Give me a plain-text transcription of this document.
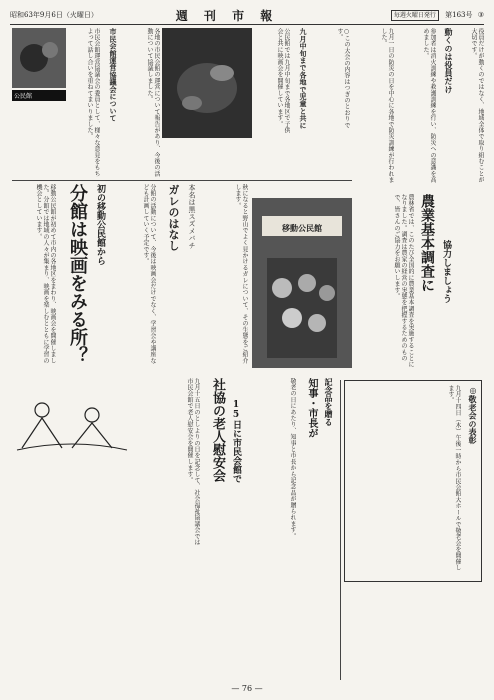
昭和63年9月6日（火曜日）	週 刊 市 報	毎週火曜日発行 第163号 ③
公民館	市民会館運営協議会の委員として、様々な意見をもちよって話し合いを重ねてまいりました。	市民会館運営協議会について	各地の市民会館の運営について報告があり、今後の活動について協議しました。	公民館では九月中旬まで各地区で子供会と共に映画会を開催しています。	九月中旬まで各地で児童と共に	○この大会の内容はつぎのとおりです。	九月一日の防災の日を中心に各地で防災訓練が行われました。	参加者は消火訓練や救護訓練を行い、防災への意識を高めました。	動くのは役員だけ	役員だけが動くのではなく、地域全体で取り組むことが大切です。
移動公民館が初めて市内の各地区をまわり、映画会を開催しました。分館では地域の人々が集まり、映画を楽しむとともに学習の機会としています。	分館は映画をみる所？ 初の移動公民館から	分館の活動について、今後は映画会だけでなく、学習会や講座なども計画していく予定です。	ガレのはなし	本名は黒スズメバチ	秋になると野山でよく見かけるガレについて、その生態をご紹介します。
移動公民館	農林省では、このたび全国的に農業基本調査を実施することになりました。調査は農家の経営の実態を把握するためのもので、皆さんのご協力をお願いします。	農業基本調査に 協力しましょう
九月十五日のとしよりの日を記念して、社会福祉協議会では市民会館で老人慰安会を開催します。	社協の老人慰安会 15日に市民会館で	敬老の日にあたり、知事と市長から記念品が贈られます。	知事・市長が 記念品を贈る	◎敬老会の表彰
九月十四日（木）午後一時から市民会館大ホールで敬老会を開催します。
— 76 —
